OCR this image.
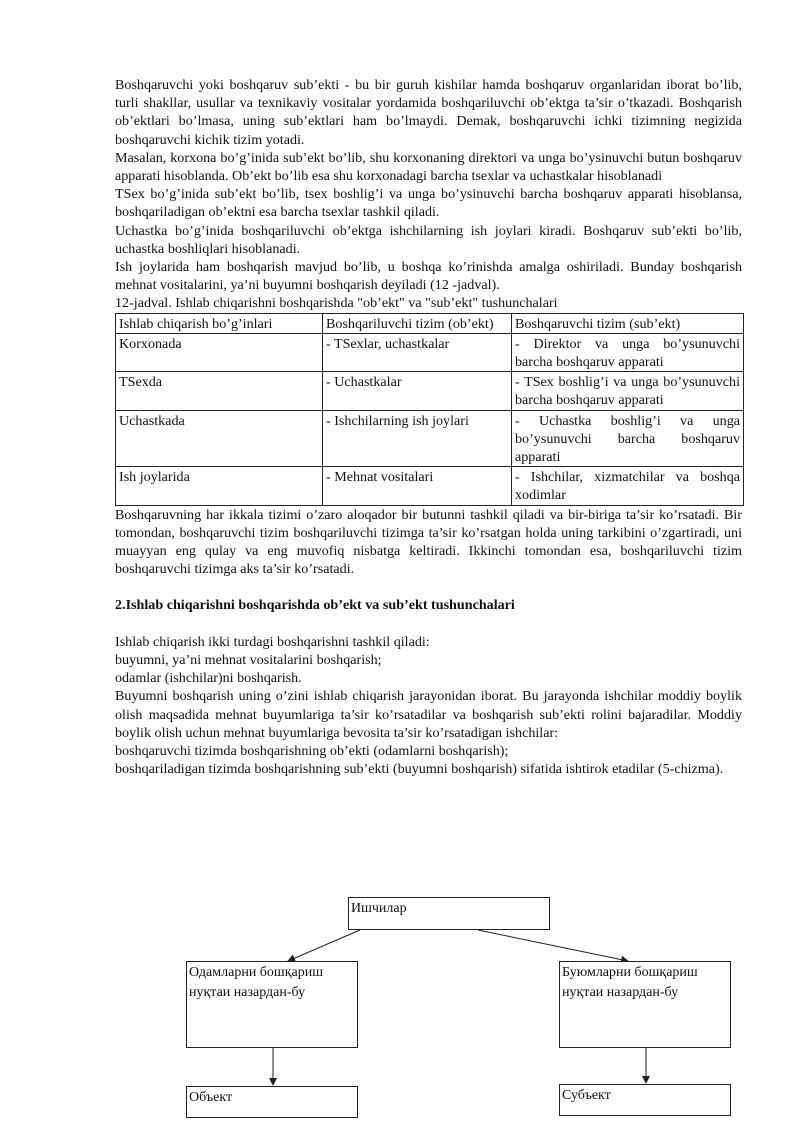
Boshqaruvchi yoki boshqaruv sub’ekti - bu bir guruh kishilar hamda boshqaruv organlaridan iborat bo’lib, turli shakllar, usullar va texnikaviy vositalar yordamida boshqariluvchi ob’ektga ta’sir o’tkazadi. Boshqarish ob’ektlari bo’lmasa, uning sub’ektlari ham bo’lmaydi. Demak, boshqaruvchi ichki tizimning negizida boshqaruvchi kichik tizim yotadi.

Masalan, korxona bo’g’inida sub’ekt bo’lib, shu korxonaning direktori va unga bo’ysinuvchi butun boshqaruv apparati hisoblanda. Ob’ekt bo’lib esa shu korxonadagi barcha tsexlar va uchastkalar hisoblanadi

TSex bo’g’inida sub’ekt bo’lib, tsex boshlig’i va unga bo’ysinuvchi barcha boshqaruv apparati hisoblansa, boshqariladigan ob’ektni esa barcha tsexlar tashkil qiladi.

Uchastka bo’g’inida boshqariluvchi ob’ektga ishchilarning ish joylari kiradi. Boshqaruv sub’ekti bo’lib, uchastka boshliqlari hisoblanadi.

Ish joylarida ham boshqarish mavjud bo’lib, u boshqa ko’rinishda amalga oshiriladi. Bunday boshqarish mehnat vositalarini, ya’ni buyumni boshqarish deyiladi (12 -jadval).

12-jadval. Ishlab chiqarishni boshqarishda "ob’ekt" va "sub’ekt" tushunchalari

Ishlab chiqarish bo’g’inlari	Boshqariluvchi tizim (ob’ekt)	Boshqaruvchi tizim (sub’ekt)
Korxonada	- TSexlar, uchastkalar	- Direktor va unga bo’ysunuvchi barcha boshqaruv apparati
TSexda	- Uchastkalar	- TSex boshlig’i va unga bo’ysunuvchi barcha boshqaruv apparati
Uchastkada	- Ishchilarning ish joylari	- Uchastka boshlig’i va unga bo’ysunuvchi barcha boshqaruv apparati
Ish joylarida	- Mehnat vositalari	- Ishchilar, xizmatchilar va boshqa xodimlar

Boshqaruvning har ikkala tizimi o’zaro aloqador bir butunni tashkil qiladi va bir-biriga ta’sir ko’rsatadi. Bir tomondan, boshqaruvchi tizim boshqariluvchi tizimga ta’sir ko’rsatgan holda uning tarkibini o’zgartiradi, uni muayyan eng qulay va eng muvofiq nisbatga keltiradi. Ikkinchi tomondan esa, boshqariluvchi tizim boshqaruvchi tizimga aks ta’sir ko’rsatadi.

2.Ishlab chiqarishni boshqarishda ob’ekt va sub’ekt tushunchalari

Ishlab chiqarish ikki turdagi boshqarishni tashkil qiladi:

buyumni, ya’ni mehnat vositalarini boshqarish;

odamlar (ishchilar)ni boshqarish.

Buyumni boshqarish uning o’zini ishlab chiqarish jarayonidan iborat. Bu jarayonda ishchilar moddiy boylik olish maqsadida mehnat buyumlariga ta’sir ko’rsatadilar va boshqarish sub’ekti rolini bajaradilar. Moddiy boylik olish uchun mehnat buyumlariga bevosita ta’sir ko’rsatadigan ishchilar:

boshqaruvchi tizimda boshqarishning ob’ekti (odamlarni boshqarish);

boshqariladigan tizimda boshqarishning sub’ekti (buyumni boshqarish) sifatida ishtirok etadilar (5-chizma).

Ишчилар
Одамларни бошқариш нуқтаи назардан-бу
Буюмларни бошқариш нуқтаи назардан-бу
Объект	Субъект
